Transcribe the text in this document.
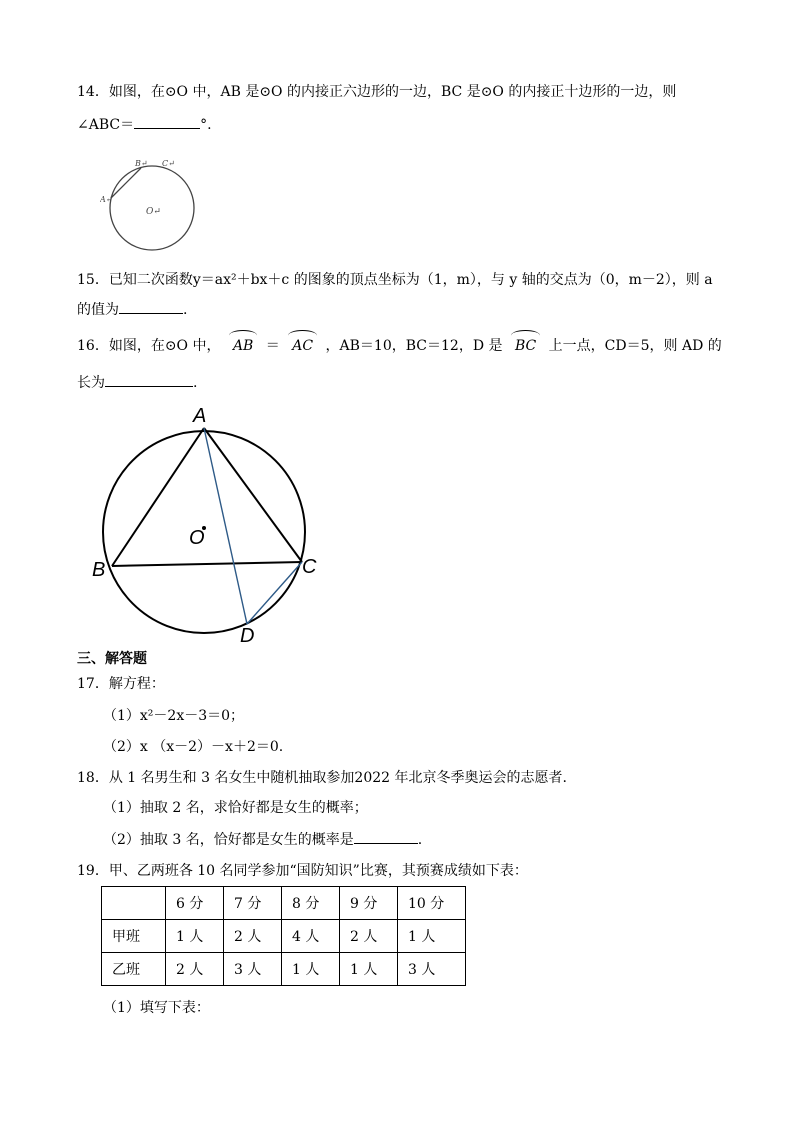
14．如图，在⊙O 中，AB 是⊙O 的内接正六边形的一边，BC 是⊙O 的内接正十边形的一边，则
∠ABC＝	°.
A↵
B↵ C↵
O↵
15．已知二次函数y＝ax²＋bx＋c 的图象的顶点坐标为（1，m），与 y 轴的交点为（0，m－2），则 a
的值为	.
16．如图，在⊙O 中， AB ＝ AC ，AB＝10，BC＝12，D 是 BC 上一点，CD＝5，则 AD 的
长为	.
A
B	C
D
O
三、解答题
17．解方程：
（1）x²－2x－3＝0；
（2）x （x－2）－x＋2＝0.
18．从 1 名男生和 3 名女生中随机抽取参加2022 年北京冬季奥运会的志愿者.
（1）抽取 2 名，求恰好都是女生的概率；
（2）抽取 3 名，恰好都是女生的概率是	.
19．甲、乙两班各 10 名同学参加“国防知识”比赛，其预赛成绩如下表：
	6 分	7 分	8 分	9 分	10 分
甲班	1 人	2 人	4 人	2 人	1 人
乙班	2 人	3 人	1 人	1 人	3 人
（1）填写下表：
